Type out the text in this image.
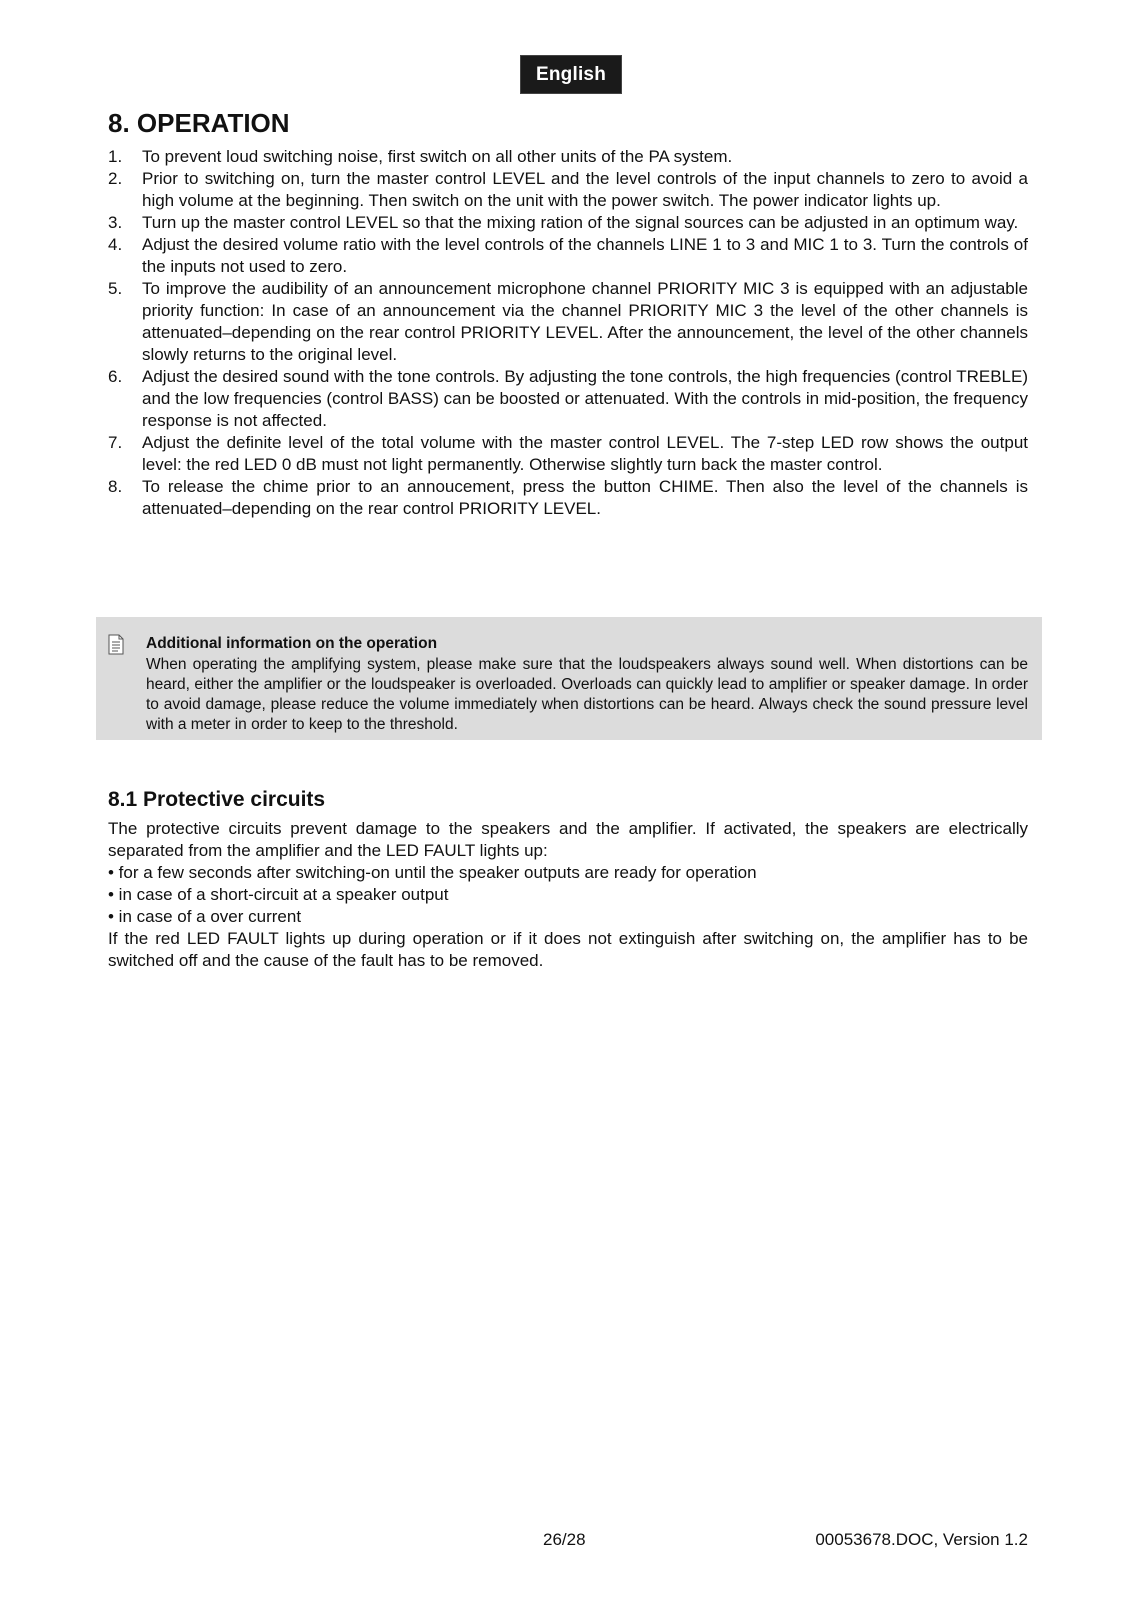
English
8. OPERATION
1.	To prevent loud switching noise, first switch on all other units of the PA system.
2.	Prior to switching on, turn the master control LEVEL and the level controls of the input channels to zero to avoid a high volume at the beginning. Then switch on the unit with the power switch. The power indicator lights up.
3.	Turn up the master control LEVEL so that the mixing ration of the signal sources can be adjusted in an optimum way.
4.	Adjust the desired volume ratio with the level controls of the channels LINE 1 to 3 and MIC 1 to 3. Turn the controls of the inputs not used to zero.
5.	To improve the audibility of an announcement microphone channel PRIORITY MIC 3 is equipped with an adjustable priority function: In case of an announcement via the channel PRIORITY MIC 3 the level of the other channels is attenuated–depending on the rear control PRIORITY LEVEL. After the announcement, the level of the other channels slowly returns to the original level.
6.	Adjust the desired sound with the tone controls. By adjusting the tone controls, the high frequencies (control TREBLE) and the low frequencies (control BASS) can be boosted or attenuated. With the controls in mid-position, the frequency response is not affected.
7.	Adjust the definite level of the total volume with the master control LEVEL. The 7-step LED row shows the output level: the red LED 0 dB must not light permanently. Otherwise slightly turn back the master control.
8.	To release the chime prior to an annoucement, press the button CHIME. Then also the level of the channels is attenuated–depending on the rear control PRIORITY LEVEL.
Additional information on the operation
When operating the amplifying system, please make sure that the loudspeakers always sound well. When distortions can be heard, either the amplifier or the loudspeaker is overloaded. Overloads can quickly lead to amplifier or speaker damage. In order to avoid damage, please reduce the volume immediately when distortions can be heard. Always check the sound pressure level with a meter in order to keep to the threshold.
8.1 Protective circuits
The protective circuits prevent damage to the speakers and the amplifier. If activated, the speakers are electrically separated from the amplifier and the LED FAULT lights up:
• for a few seconds after switching-on until the speaker outputs are ready for operation
• in case of a short-circuit at a speaker output
• in case of a over current
If the red LED FAULT lights up during operation or if it does not extinguish after switching on, the amplifier has to be switched off and the cause of the fault has to be removed.
26/28	00053678.DOC, Version 1.2
